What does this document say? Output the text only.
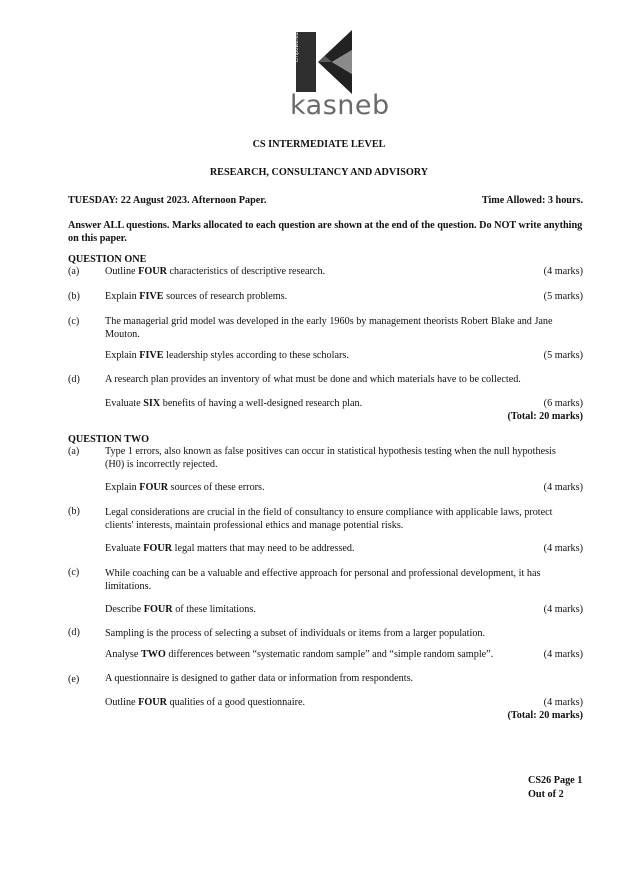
Empowered
kasneb
CS INTERMEDIATE LEVEL
RESEARCH, CONSULTANCY AND ADVISORY
TUESDAY: 22 August 2023. Afternoon Paper.	Time Allowed: 3 hours.
Answer ALL questions. Marks allocated to each question are shown at the end of the question. Do NOT write anything on this paper.
QUESTION ONE
(a)	Outline FOUR characteristics of descriptive research.	(4 marks)
(b) Explain FIVE sources of research problems.	(5 marks)
(c)	The managerial grid model was developed in the early 1960s by management theorists Robert Blake and Jane Mouton.
Explain FIVE leadership styles according to these scholars.	(5 marks)
(d) A research plan provides an inventory of what must be done and which materials have to be collected.
Evaluate SIX benefits of having a well-designed research plan.	(6 marks)
(Total: 20 marks)
QUESTION TWO
(a)	Type 1 errors, also known as false positives can occur in statistical hypothesis testing when the null hypothesis (H0) is incorrectly rejected.
Explain FOUR sources of these errors.	(4 marks)
(b) Legal considerations are crucial in the field of consultancy to ensure compliance with applicable laws, protect clients' interests, maintain professional ethics and manage potential risks.
Evaluate FOUR legal matters that may need to be addressed.	(4 marks)
(c)	While coaching can be a valuable and effective approach for personal and professional development, it has limitations.
Describe FOUR of these limitations.	(4 marks)
(d) Sampling is the process of selecting a subset of individuals or items from a larger population.
Analyse TWO differences between “systematic random sample” and “simple random sample”.	(4 marks)
(e)	A questionnaire is designed to gather data or information from respondents.
Outline FOUR qualities of a good questionnaire.	(4 marks)
(Total: 20 marks)
CS26 Page 1
Out of 2
